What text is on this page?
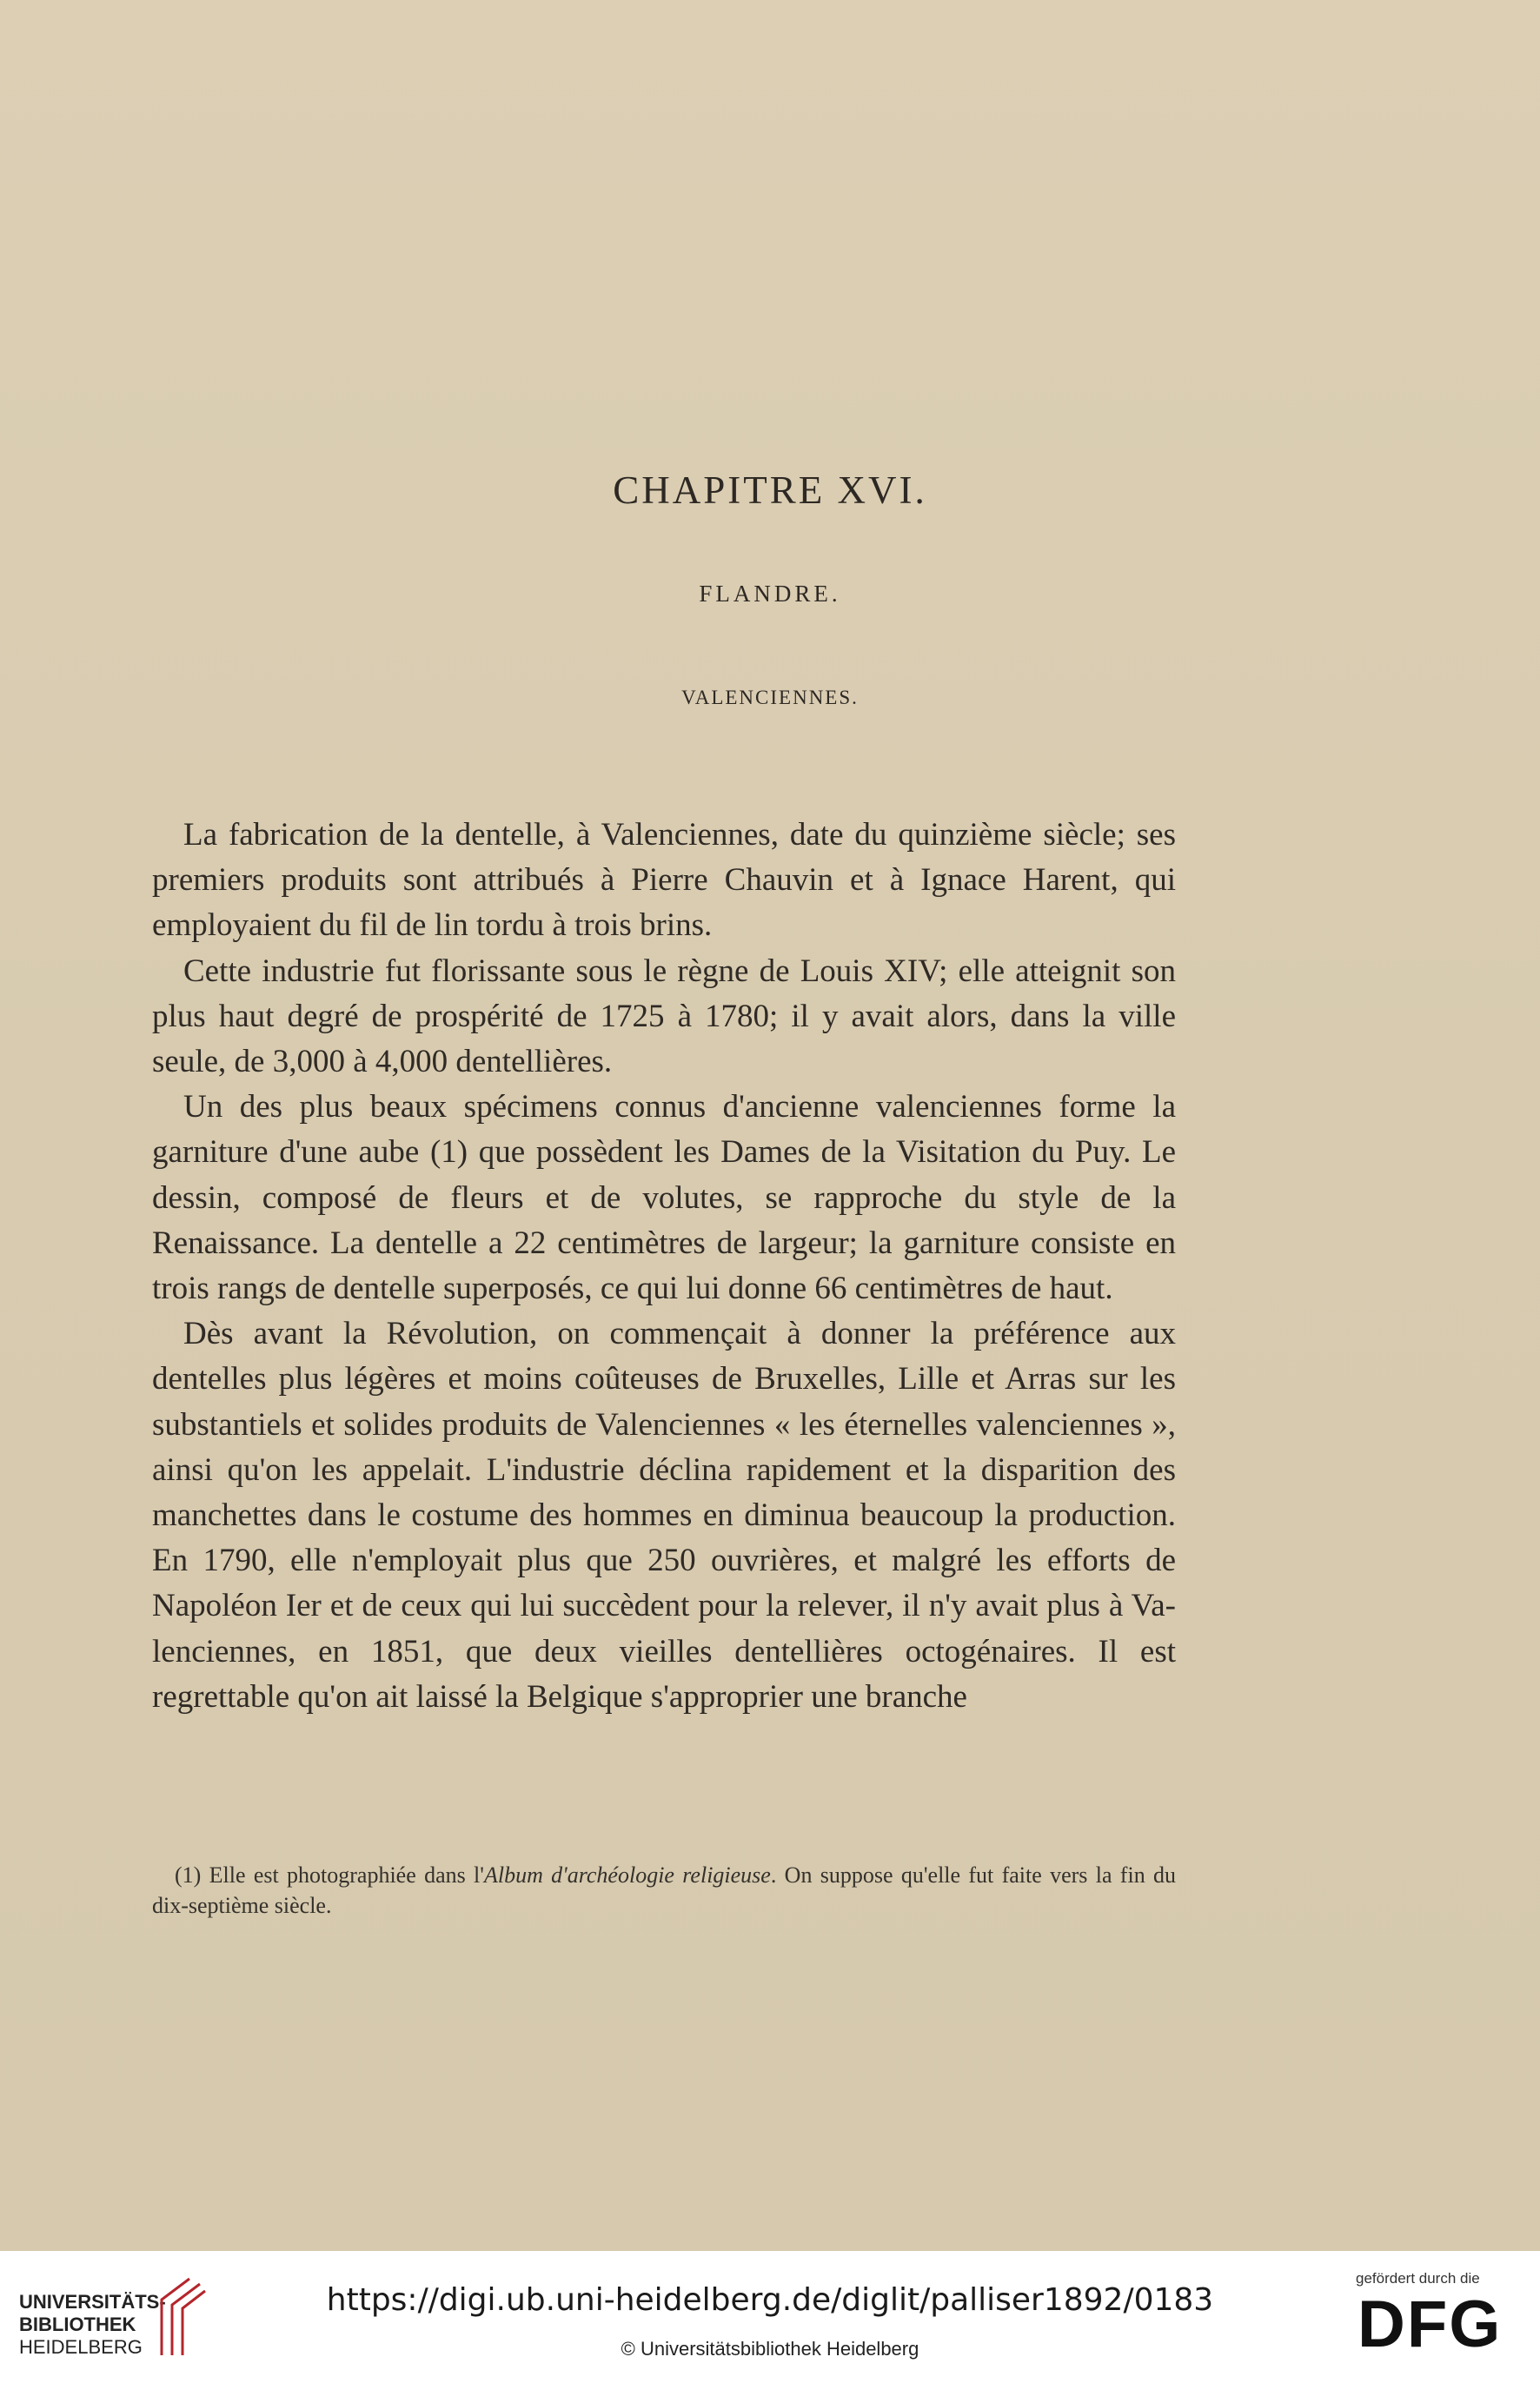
CHAPITRE XVI.
FLANDRE.
VALENCIENNES.

La fabrication de la dentelle, à Valenciennes, date du quinzième siècle; ses premiers produits sont attribués à Pierre Chauvin et à Ignace Harent, qui employaient du fil de lin tordu à trois brins.

Cette industrie fut florissante sous le règne de Louis XIV; elle atteignit son plus haut degré de prospérité de 1725 à 1780; il y avait alors, dans la ville seule, de 3,000 à 4,000 dentellières.

Un des plus beaux spécimens connus d'ancienne valenciennes forme la garniture d'une aube (1) que possèdent les Dames de la Visitation du Puy. Le dessin, composé de fleurs et de volutes, se rapproche du style de la Renaissance. La dentelle a 22 centimètres de largeur; la garniture consiste en trois rangs de dentelle superposés, ce qui lui donne 66 centimètres de haut.

Dès avant la Révolution, on commençait à donner la préférence aux dentelles plus légères et moins coûteuses de Bruxelles, Lille et Arras sur les substantiels et solides produits de Valenciennes « les éternelles valenciennes », ainsi qu'on les appelait. L'industrie déclina rapidement et la disparition des manchettes dans le costume des hommes en diminua beaucoup la production. En 1790, elle n'employait plus que 250 ouvrières, et malgré les efforts de Napoléon Ier et de ceux qui lui succèdent pour la relever, il n'y avait plus à Valenciennes, en 1851, que deux vieilles dentellières octogénaires. Il est regrettable qu'on ait laissé la Belgique s'approprier une branche

(1) Elle est photographiée dans l'Album d'archéologie religieuse. On suppose qu'elle fut faite vers la fin du dix-septième siècle.

UNIVERSITÄTS-
BIBLIOTHEK
HEIDELBERG
https://digi.ub.uni-heidelberg.de/diglit/palliser1892/0183
© Universitätsbibliothek Heidelberg
gefördert durch die
DFG
